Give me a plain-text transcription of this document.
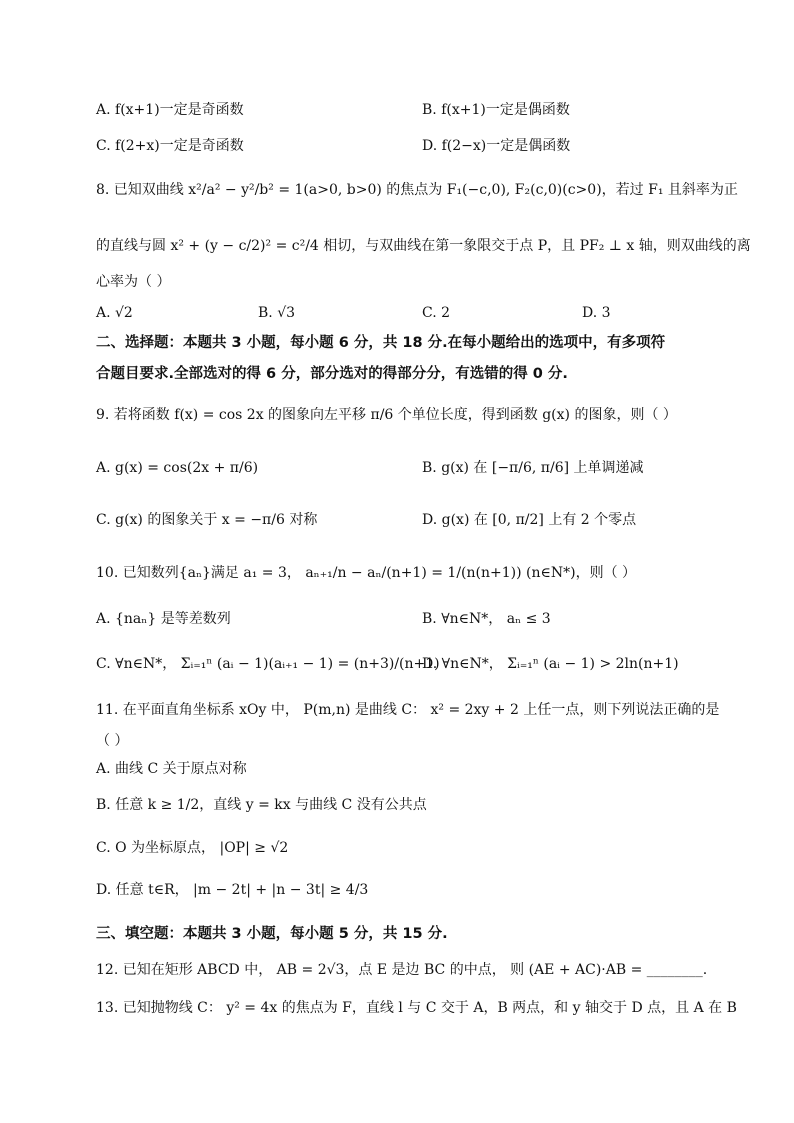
A. f(x+1)一定是奇函数	B. f(x+1)一定是偶函数
C. f(2+x)一定是奇函数	D. f(2−x)一定是偶函数
8. 已知双曲线 x²/a² − y²/b² = 1(a>0, b>0) 的焦点为 F₁(−c,0), F₂(c,0)(c>0)，若过 F₁ 且斜率为正
的直线与圆 x² + (y − c/2)² = c²/4 相切，与双曲线在第一象限交于点 P，且 PF₂ ⊥ x 轴，则双曲线的离
心率为（ ）
A. √2	B. √3	C. 2	D. 3
二、选择题：本题共 3 小题，每小题 6 分，共 18 分.在每小题给出的选项中，有多项符
合题目要求.全部选对的得 6 分，部分选对的得部分分，有选错的得 0 分.
9. 若将函数 f(x) = cos 2x 的图象向左平移 π/6 个单位长度，得到函数 g(x) 的图象，则（ ）
A. g(x) = cos(2x + π/6)	B. g(x) 在 [−π/6, π/6] 上单调递减
C. g(x) 的图象关于 x = −π/6 对称	D. g(x) 在 [0, π/2] 上有 2 个零点
10. 已知数列{aₙ}满足 a₁ = 3， aₙ₊₁/n − aₙ/(n+1) = 1/(n(n+1)) (n∈N*)，则（ ）
A. {naₙ} 是等差数列	B. ∀n∈N*， aₙ ≤ 3
C. ∀n∈N*， Σᵢ₌₁ⁿ (aᵢ − 1)(aᵢ₊₁ − 1) = (n+3)/(n+1)
D. ∀n∈N*， Σᵢ₌₁ⁿ (aᵢ − 1) > 2ln(n+1)
11. 在平面直角坐标系 xOy 中， P(m,n) 是曲线 C： x² = 2xy + 2 上任一点，则下列说法正确的是
（ ）
A. 曲线 C 关于原点对称
B. 任意 k ≥ 1/2，直线 y = kx 与曲线 C 没有公共点
C. O 为坐标原点， |OP| ≥ √2
D. 任意 t∈R， |m − 2t| + |n − 3t| ≥ 4/3
三、填空题：本题共 3 小题，每小题 5 分，共 15 分.
12. 已知在矩形 ABCD 中， AB = 2√3，点 E 是边 BC 的中点， 则 (AE + AC)·AB = ________.
13. 已知抛物线 C： y² = 4x 的焦点为 F，直线 l 与 C 交于 A，B 两点，和 y 轴交于 D 点，且 A 在 B
